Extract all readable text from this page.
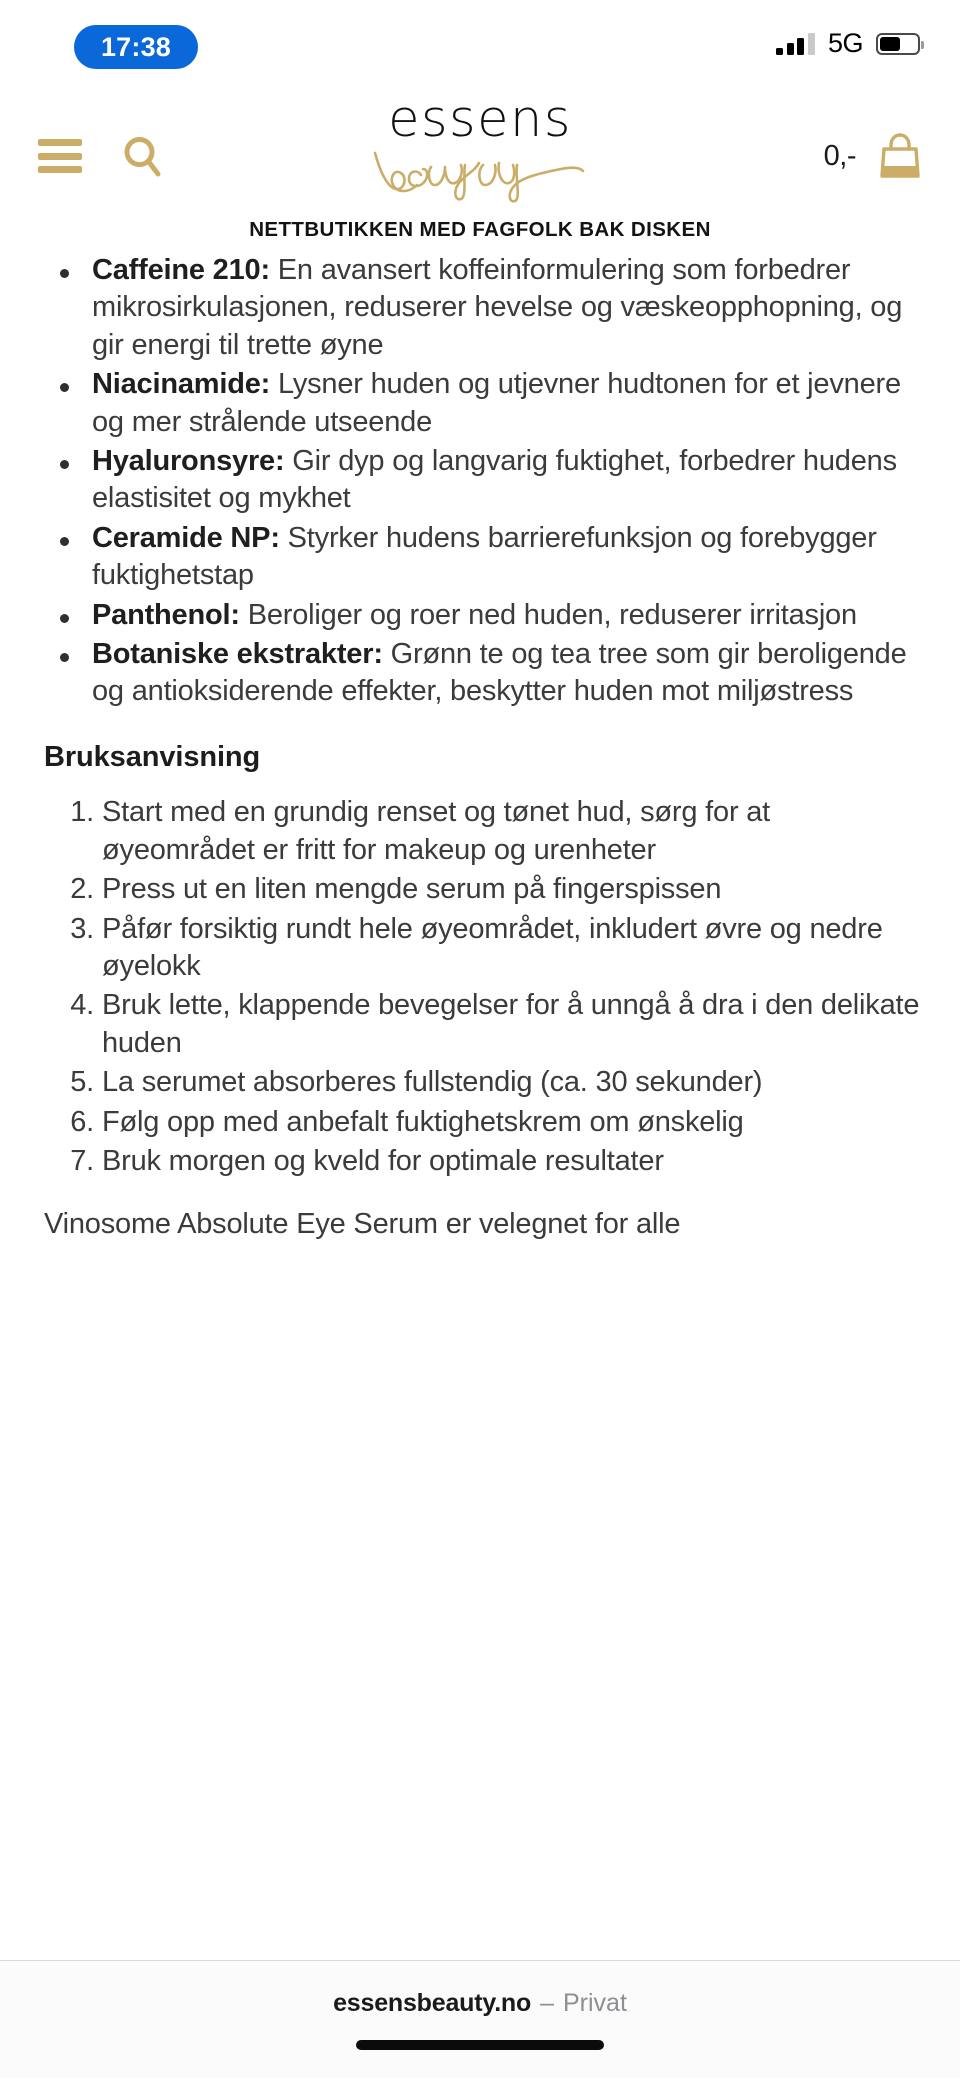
17:38	5G
essens
0,-
NETTBUTIKKEN MED FAGFOLK BAK DISKEN
Caffeine 210: En avansert koffeinformulering som forbedrer mikrosirkulasjonen, reduserer hevelse og væskeopphopning, og gir energi til trette øyne
Niacinamide: Lysner huden og utjevner hudtonen for et jevnere og mer strålende utseende
Hyaluronsyre: Gir dyp og langvarig fuktighet, forbedrer hudens elastisitet og mykhet
Ceramide NP: Styrker hudens barrierefunksjon og forebygger fuktighetstap
Panthenol: Beroliger og roer ned huden, reduserer irritasjon
Botaniske ekstrakter: Grønn te og tea tree som gir beroligende og antioksiderende effekter, beskytter huden mot miljøstress
Bruksanvisning
Start med en grundig renset og tønet hud, sørg for at øyeområdet er fritt for makeup og urenheter
Press ut en liten mengde serum på fingerspissen
Påfør forsiktig rundt hele øyeområdet, inkludert øvre og nedre øyelokk
Bruk lette, klappende bevegelser for å unngå å dra i den delikate huden
La serumet absorberes fullstendig (ca. 30 sekunder)
Følg opp med anbefalt fuktighetskrem om ønskelig
Bruk morgen og kveld for optimale resultater

Vinosome Absolute Eye Serum er velegnet for alle

essensbeauty.no – Privat
